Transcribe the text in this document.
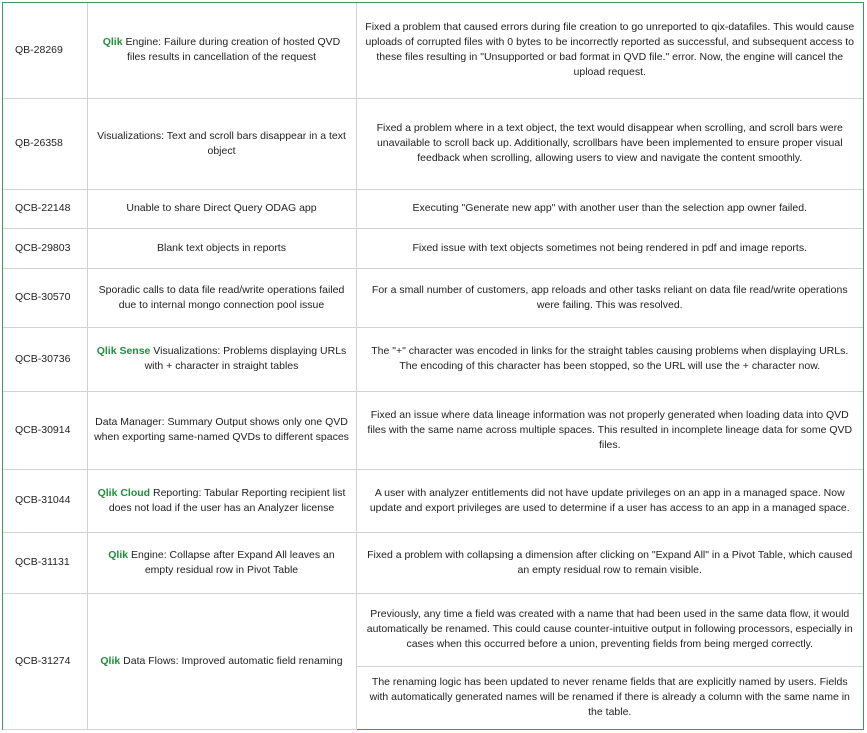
QB-28269	Qlik Engine: Failure during creation of hosted QVD files results in cancellation of the request	Fixed a problem that caused errors during file creation to go unreported to qix-datafiles. This would cause uploads of corrupted files with 0 bytes to be incorrectly reported as successful, and subsequent access to these files resulting in "Unsupported or bad format in QVD file." error. Now, the engine will cancel the upload request.
QB-26358	Visualizations: Text and scroll bars disappear in a text object	Fixed a problem where in a text object, the text would disappear when scrolling, and scroll bars were unavailable to scroll back up. Additionally, scrollbars have been implemented to ensure proper visual feedback when scrolling, allowing users to view and navigate the content smoothly.
QCB-22148	Unable to share Direct Query ODAG app	Executing "Generate new app" with another user than the selection app owner failed.
QCB-29803	Blank text objects in reports	Fixed issue with text objects sometimes not being rendered in pdf and image reports.
QCB-30570	Sporadic calls to data file read/write operations failed due to internal mongo connection pool issue	For a small number of customers, app reloads and other tasks reliant on data file read/write operations were failing. This was resolved.
QCB-30736	Qlik Sense Visualizations: Problems displaying URLs with + character in straight tables	The "+" character was encoded in links for the straight tables causing problems when displaying URLs. The encoding of this character has been stopped, so the URL will use the + character now.
QCB-30914	Data Manager: Summary Output shows only one QVD when exporting same-named QVDs to different spaces	Fixed an issue where data lineage information was not properly generated when loading data into QVD files with the same name across multiple spaces. This resulted in incomplete lineage data for some QVD files.
QCB-31044	Qlik Cloud Reporting: Tabular Reporting recipient list does not load if the user has an Analyzer license	A user with analyzer entitlements did not have update privileges on an app in a managed space. Now update and export privileges are used to determine if a user has access to an app in a managed space.
QCB-31131	Qlik Engine: Collapse after Expand All leaves an empty residual row in Pivot Table	Fixed a problem with collapsing a dimension after clicking on "Expand All" in a Pivot Table, which caused an empty residual row to remain visible.
QCB-31274	Qlik Data Flows: Improved automatic field renaming	Previously, any time a field was created with a name that had been used in the same data flow, it would automatically be renamed. This could cause counter-intuitive output in following processors, especially in cases when this occurred before a union, preventing fields from being merged correctly.
		The renaming logic has been updated to never rename fields that are explicitly named by users. Fields with automatically generated names will be renamed if there is already a column with the same name in the table.
